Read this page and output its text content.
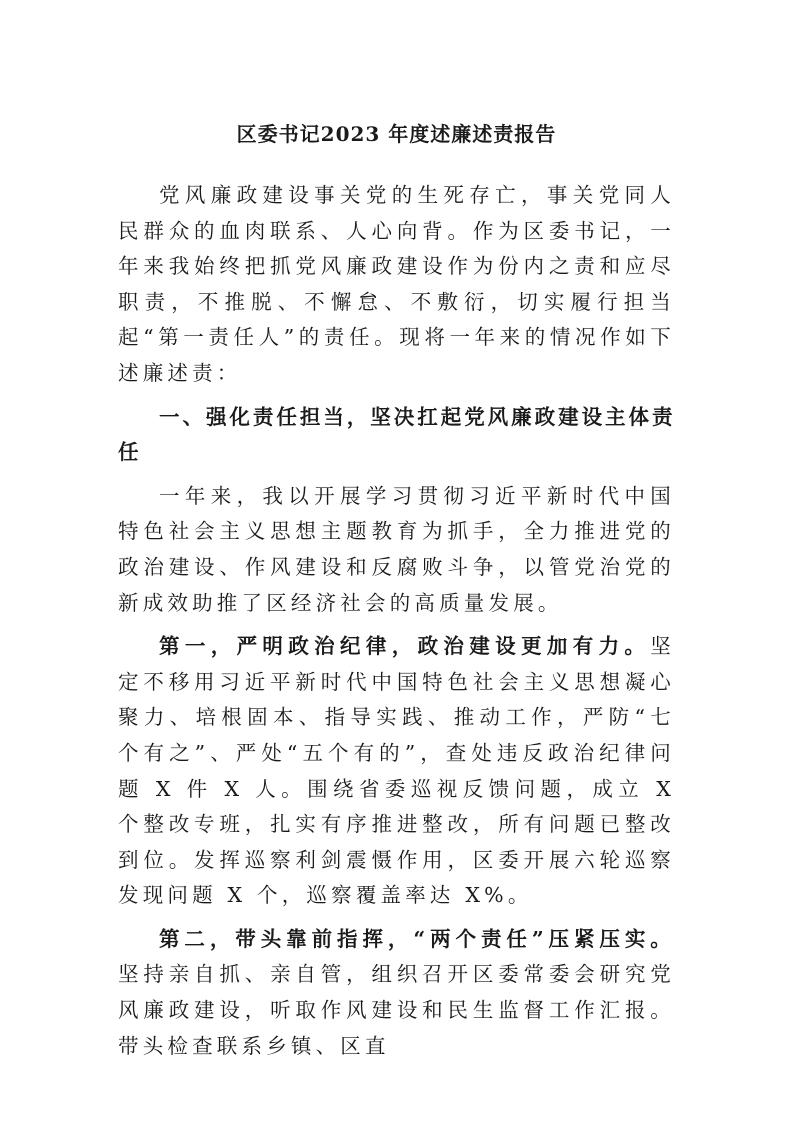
区委书记2023 年度述廉述责报告

党风廉政建设事关党的生死存亡，事关党同人民群众的血肉联系、人心向背。作为区委书记，一年来我始终把抓党风廉政建设作为份内之责和应尽职责，不推脱、不懈怠、不敷衍，切实履行担当起“第一责任人”的责任。现将一年来的情况作如下述廉述责：

一、强化责任担当，坚决扛起党风廉政建设主体责任

一年来，我以开展学习贯彻习近平新时代中国特色社会主义思想主题教育为抓手，全力推进党的政治建设、作风建设和反腐败斗争，以管党治党的新成效助推了区经济社会的高质量发展。

第一，严明政治纪律，政治建设更加有力。坚定不移用习近平新时代中国特色社会主义思想凝心聚力、培根固本、指导实践、推动工作，严防“七个有之”、严处“五个有的”，查处违反政治纪律问题 X 件 X 人。围绕省委巡视反馈问题，成立 X 个整改专班，扎实有序推进整改，所有问题已整改到位。发挥巡察利剑震慑作用，区委开展六轮巡察发现问题 X 个，巡察覆盖率达 X%。

第二，带头靠前指挥，“两个责任”压紧压实。坚持亲自抓、亲自管，组织召开区委常委会研究党风廉政建设，听取作风建设和民生监督工作汇报。带头检查联系乡镇、区直
